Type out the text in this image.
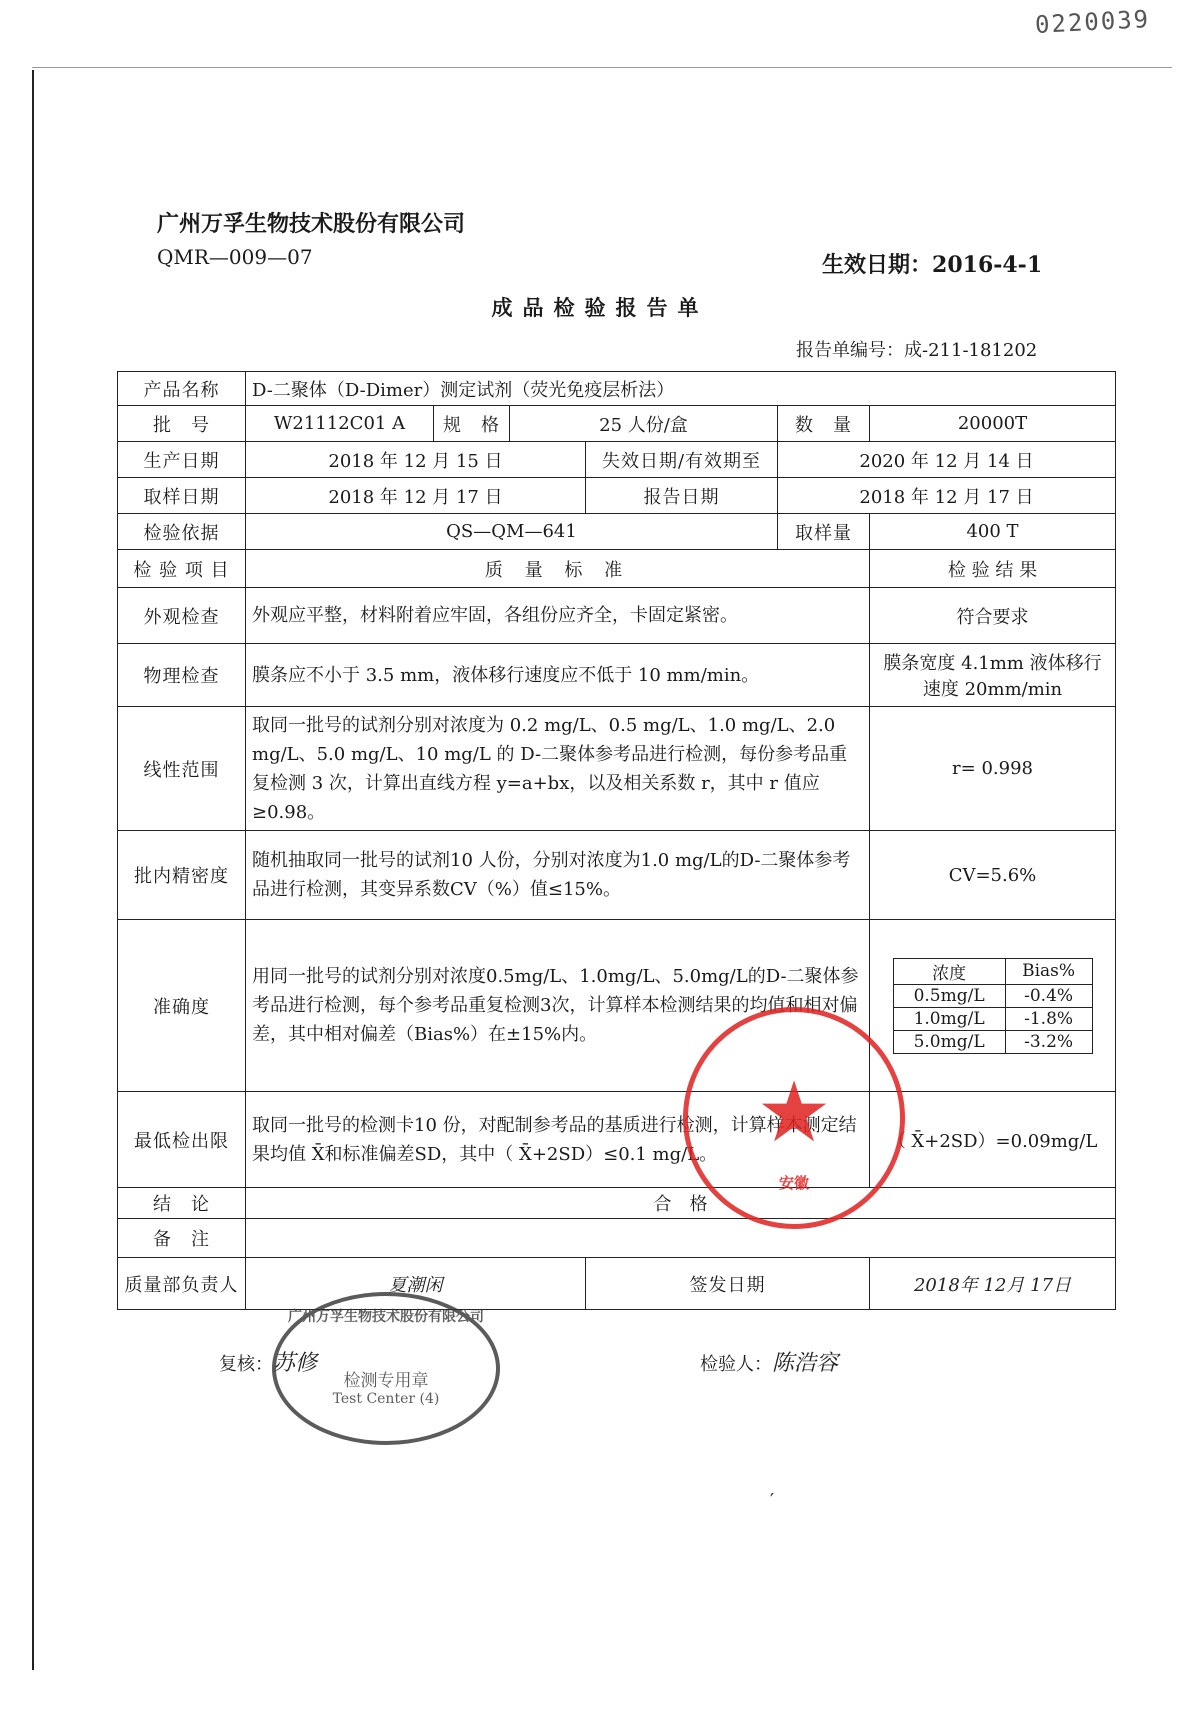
0220039
广州万孚生物技术股份有限公司
QMR—009—07	生效日期：2016-4-1
成品检验报告单
报告单编号：成-211-181202
产品名称	D-二聚体（D-Dimer）测定试剂（荧光免疫层析法）
批　号	W21112C01 A	规　格	25 人份/盒	数　量	20000T
生产日期	2018 年 12 月 15 日	失效日期/有效期至	2020 年 12 月 14 日
取样日期	2018 年 12 月 17 日	报告日期	2018 年 12 月 17 日
检验依据	QS—QM—641	取样量	400 T
检 验 项 目	质 量 标 准	检 验 结 果
外观检查	外观应平整，材料附着应牢固，各组份应齐全，卡固定紧密。	符合要求
物理检查	膜条应不小于 3.5 mm，液体移行速度应不低于 10 mm/min。	膜条宽度 4.1mm 液体移行速度 20mm/min
线性范围	取同一批号的试剂分别对浓度为 0.2 mg/L、0.5 mg/L、1.0 mg/L、2.0 mg/L、5.0 mg/L、10 mg/L 的 D-二聚体参考品进行检测，每份参考品重复检测 3 次，计算出直线方程 y=a+bx，以及相关系数 r，其中 r 值应≥0.98。	r= 0.998
批内精密度	随机抽取同一批号的试剂10 人份，分别对浓度为1.0 mg/L的D-二聚体参考品进行检测，其变异系数CV（%）值≤15%。	CV=5.6%
准确度	用同一批号的试剂分别对浓度0.5mg/L、1.0mg/L、5.0mg/L的D-二聚体参考品进行检测，每个参考品重复检测3次，计算样本检测结果的均值和相对偏差，其中相对偏差（Bias%）在±15%内。	
浓度	Bias%
0.5mg/L	-0.4%
1.0mg/L	-1.8%
5.0mg/L	-3.2%

最低检出限	取同一批号的检测卡10 份，对配制参考品的基质进行检测，计算样本测定结果均值 X̄和标准偏差SD，其中（ X̄+2SD）≤0.1 mg/L。	（ X̄+2SD）=0.09mg/L
结　论	合　格
备　注	
质量部负责人	夏潮闲	签发日期	2018年 12月 17日
复核：苏修	检验人：陈浩容
★
安徽
广州万孚生物技术股份有限公司
检测专用章
Test Center (4)
′
